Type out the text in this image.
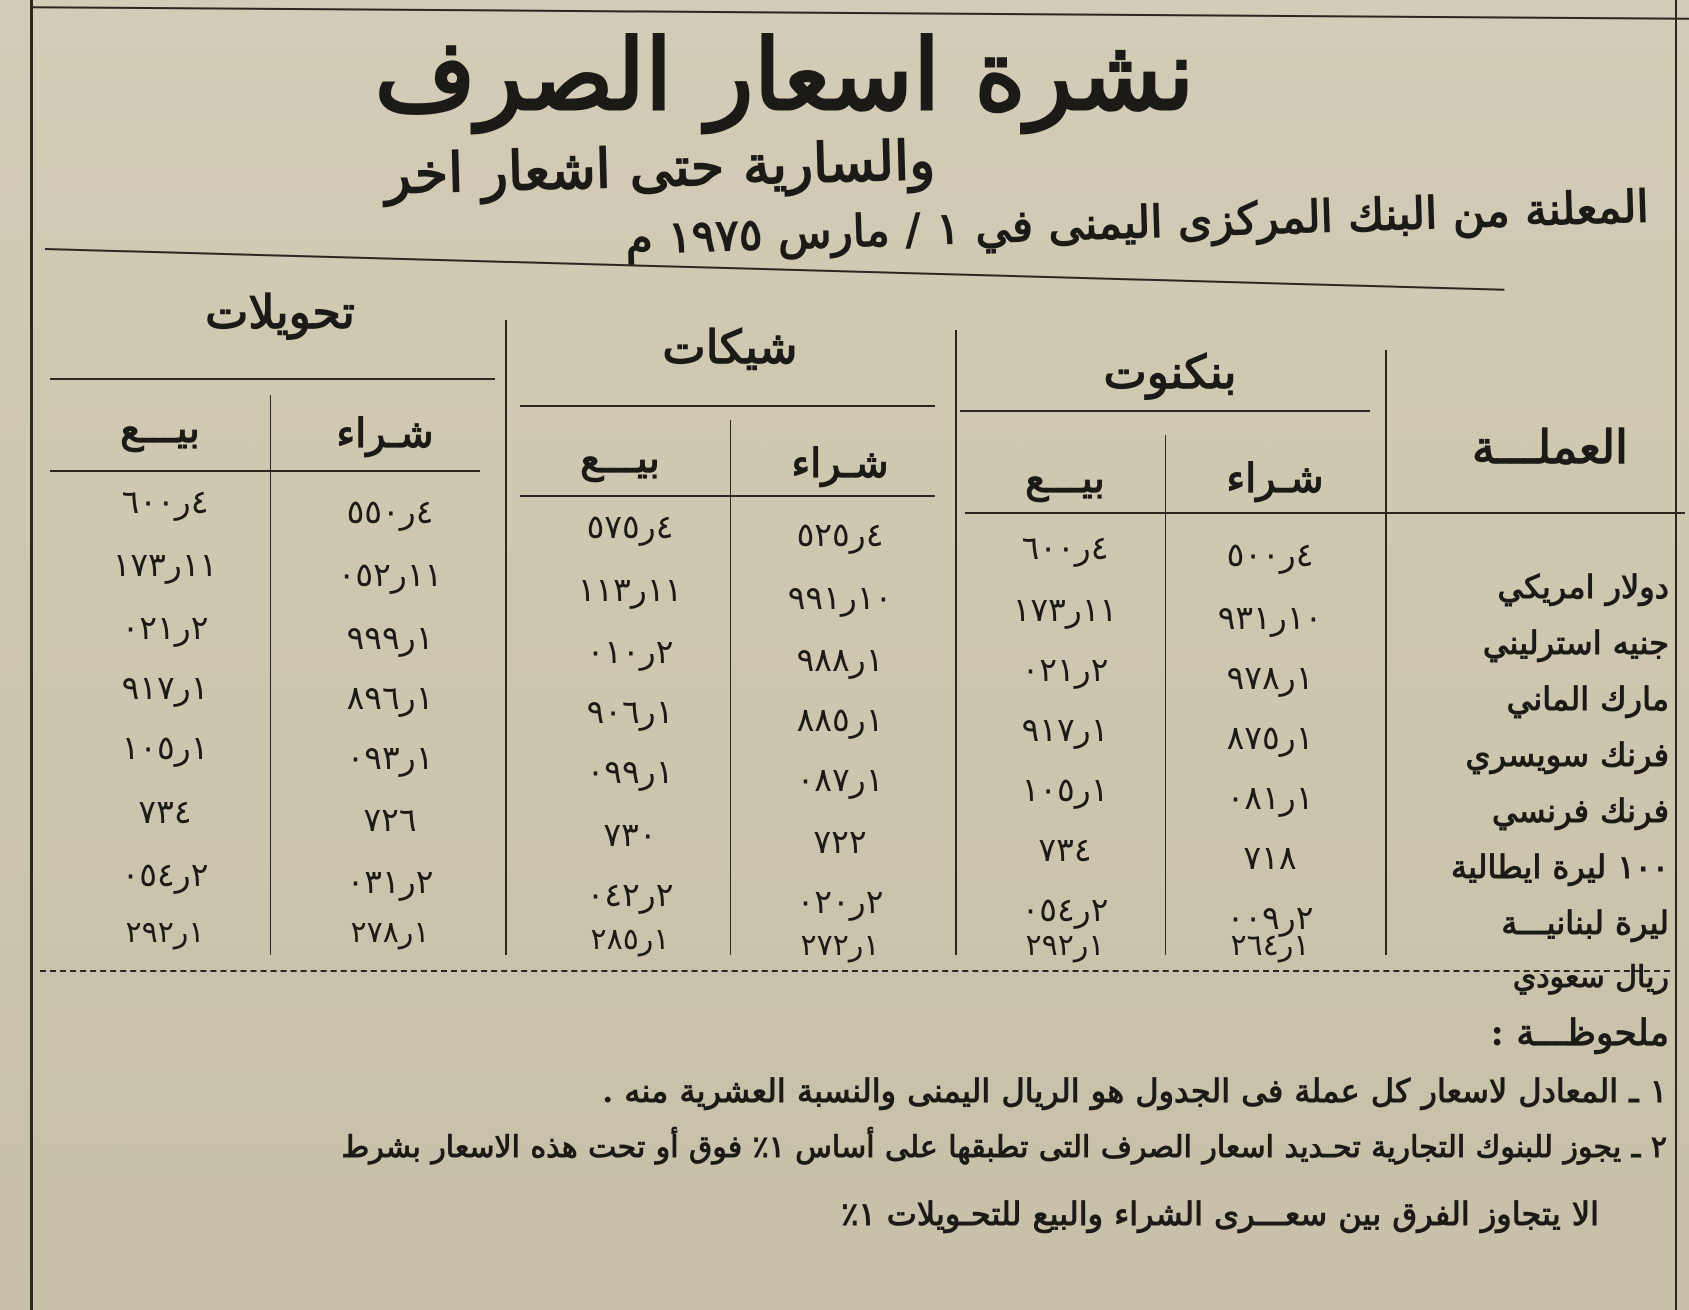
نشرة اسعار الصرف
والسارية حتى اشعار اخر
المعلنة من البنك المركزى اليمنى في ١ / مارس ١٩٧٥ م
العملـــة
بنكنوت
شيكات
تحويلات
شـراء
بيـــع
شـراء
بيـــع
شـراء
بيـــع
دولار امريكي
جنيه استرليني
مارك الماني
فرنك سويسري
فرنك فرنسي
١٠٠ ليرة ايطالية
ليرة لبنانيـــة
ريال سعودي
٤ر٥٠٠
٤ر٦٠٠
٤ر٥٢٥
٤ر٥٧٥
٤ر٥٥٠
٤ر٦٠٠
١٠ر٩٣١
١١ر١٧٣
١٠ر٩٩١
١١ر١١٣
١١ر٠٥٢
١١ر١٧٣
١ر٩٧٨
٢ر٠٢١
١ر٩٨٨
٢ر٠١٠
١ر٩٩٩
٢ر٠٢١
١ر٨٧٥
١ر٩١٧
١ر٨٨٥
١ر٩٠٦
١ر٨٩٦
١ر٩١٧
١ر٠٨١
١ر١٠٥
١ر٠٨٧
١ر٠٩٩
١ر٠٩٣
١ر١٠٥
٧١٨
٧٣٤
٧٢٢
٧٣٠
٧٢٦
٧٣٤
٢ر٠٠٩
٢ر٠٥٤
٢ر٠٢٠
٢ر٠٤٢
٢ر٠٣١
٢ر٠٥٤
١ر٢٦٤
١ر٢٩٢
١ر٢٧٢
١ر٢٨٥
١ر٢٧٨
١ر٢٩٢
ملحوظـــة :
١ ـ المعادل لاسعار كل عملة فى الجدول هو الريال اليمنى والنسبة العشرية منه .
٢ ـ يجوز للبنوك التجارية تحـديد اسعار الصرف التى تطبقها على أساس ١٪ فوق أو تحت هذه الاسعار بشرط
الا يتجاوز الفرق بين سعـــرى الشراء والبيع للتحـويلات ١٪
